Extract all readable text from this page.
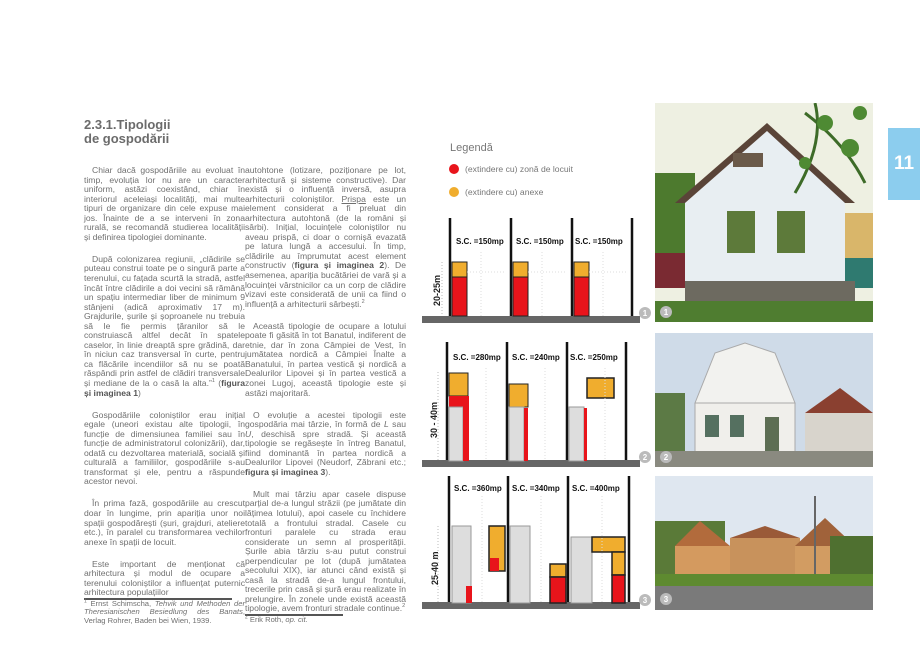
2.3.1.Tipologii
de gospodării

Chiar dacă gospodăriile au evoluat în timp, evoluția lor nu are un caracter uniform, astăzi coexistând, chiar în interiorul aceleiași localități, mai multe tipuri de organizare din cele expuse mai jos. Înainte de a se interveni în zona rurală, se recomandă studierea localității și definirea tipologiei dominante.

După colonizarea regiunii, „clădirile se puteau construi toate pe o singură parte a terenului, cu fațada scurtă la stradă, astfel încât între clădirile a doi vecini să rămână un spațiu intermediar liber de minimum 9 stânjeni (adică aproximativ 17 m). Grajdurile, șurile și șoproanele nu trebuia să le fie permis țăranilor să le construiască altfel decât în spatele caselor, în linie dreaptă spre grădină, dar în niciun caz transversal în curte, pentru ca flăcările incendiilor să nu se poată răspândi prin astfel de clădiri transversale și mediane de la o casă la alta.”$^1$ (figura și imaginea 1)

Gospodăriile coloniștilor erau inițial egale (uneori existau alte tipologii, în funcție de dimensiunea familiei sau în funcție de administratorul colonizării), dar, odată cu dezvoltarea materială, socială și culturală a familiilor, gospodăriile s-au transformat și ele, pentru a răspunde acestor nevoi.

În prima fază, gospodăriile au crescut doar în lungime, prin apariția unor noi spații gospodărești (șuri, grajduri, ateliere etc.), în paralel cu transformarea vechilor anexe în spații de locuit.

Este important de menționat că arhitectura și modul de ocupare a terenului coloniștilor a influențat puternic arhitectura populațiilor

$^1$ Ernst Schimscha, Tehvik und Methoden der Theresianischen Besiedlung des Banats, Verlag Rohrer, Baden bei Wien, 1939.

autohtone (lotizare, poziționare pe lot, arhitectură și sisteme constructive). Dar există și o influență inversă, asupra arhitecturii coloniștilor. Prispa este un element considerat a fi preluat din arhitectura autohtonă (de la români și sârbi). Inițial, locuințele coloniștilor nu aveau prispă, ci doar o cornișă evazată pe latura lungă a accesului. În timp, clădirile au împrumutat acest element constructiv (figura și imaginea 2). De asemenea, apariția bucătăriei de vară și a locuinței vârstnicilor ca un corp de clădire vizavi este considerată de unii ca fiind o influență a arhitecturii sârbești.$^2$

Această tipologie de ocupare a lotului poate fi găsită în tot Banatul, indiferent de etnie, dar în zona Câmpiei de Vest, în jumătatea nordică a Câmpiei Înalte a Banatului, în partea vestică și nordică a Dealurilor Lipovei și în partea vestică a zonei Lugoj, această tipologie este și astăzi majoritară.

O evoluție a acestei tipologii este gospodăria mai târzie, în formă de L sau U, deschisă spre stradă. Și această tipologie se regăsește în întreg Banatul, fiind dominantă în partea nordică a Dealurilor Lipovei (Neudorf, Zăbrani etc.; figura și imaginea 3).

Mult mai târziu apar casele dispuse parțial de-a lungul străzii (pe jumătate din lățimea lotului), apoi casele cu închidere totală a frontului stradal. Casele cu fronturi paralele cu strada erau considerate un semn al prosperității. Șurile abia târziu s-au putut construi perpendicular pe lot (după jumătatea secolului XIX), iar atunci când există și casă la stradă de-a lungul frontului, trecerile prin casă și șură erau realizate în prelungire. În zonele unde există această tipologie, avem fronturi stradale continue.$^2$

$^2$ Erik Roth, op. cit.
Legendă
(extindere cu) zonă de locuit
(extindere cu) anexe
S.C. =150mp S.C. =150mp S.C. =150mp
20-25m
1
S.C. =280mp S.C. =240mp S.C. =250mp
30 - 40m
2
S.C. =360mp S.C. =340mp S.C. =400mp
25-40 m
3
1
2
3
11
